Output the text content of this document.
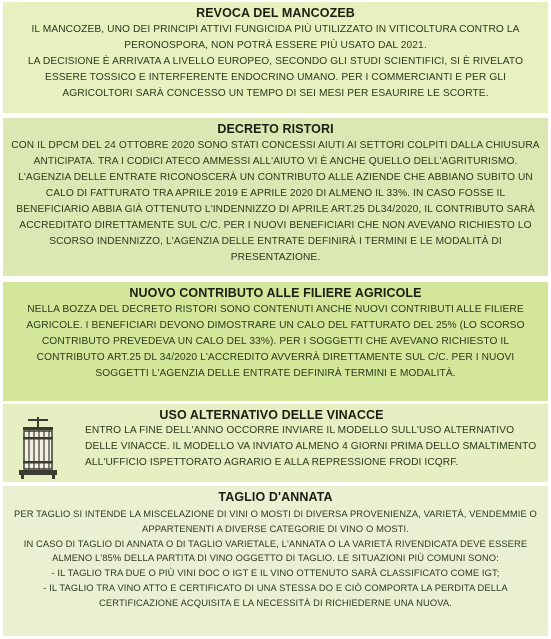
REVOCA DEL MANCOZEB

IL MANCOZEB, UNO DEI PRINCIPI ATTIVI FUNGICIDA PIÙ UTILIZZATO IN VITICOLTURA CONTRO LA PERONOSPORA, NON POTRÀ ESSERE PIÙ USATO DAL 2021.

LA DECISIONE È ARRIVATA A LIVELLO EUROPEO, SECONDO GLI STUDI SCIENTIFICI, SI È RIVELATO ESSERE TOSSICO E INTERFERENTE ENDOCRINO UMANO. PER I COMMERCIANTI E PER GLI AGRICOLTORI SARÀ CONCESSO UN TEMPO DI SEI MESI PER ESAURIRE LE SCORTE.

DECRETO RISTORI

CON IL DPCM DEL 24 OTTOBRE 2020 SONO STATI CONCESSI AIUTI AI SETTORI COLPITI DALLA CHIUSURA ANTICIPATA. TRA I CODICI ATECO AMMESSI ALL'AIUTO VI È ANCHE QUELLO DELL'AGRITURISMO.

L'AGENZIA DELLE ENTRATE RICONOSCERÀ UN CONTRIBUTO ALLE AZIENDE CHE ABBIANO SUBITO UN CALO DI FATTURATO TRA APRILE 2019 E APRILE 2020 DI ALMENO IL 33%. IN CASO FOSSE IL BENEFICIARIO ABBIA GIÀ OTTENUTO L'INDENNIZZO DI APRILE ART.25 DL34/2020, IL CONTRIBUTO SARÀ ACCREDITATO DIRETTAMENTE SUL C/C. PER I NUOVI BENEFICIARI CHE NON AVEVANO RICHIESTO LO SCORSO INDENNIZZO, L'AGENZIA DELLE ENTRATE DEFINIRÀ I TERMINI E LE MODALITÀ DI PRESENTAZIONE.

NUOVO CONTRIBUTO ALLE FILIERE AGRICOLE

NELLA BOZZA DEL DECRETO RISTORI SONO CONTENUTI ANCHE NUOVI CONTRIBUTI ALLE FILIERE AGRICOLE. I BENEFICIARI DEVONO DIMOSTRARE UN CALO DEL FATTURATO DEL 25% (LO SCORSO CONTRIBUTO PREVEDEVA UN CALO DEL 33%). PER I SOGGETTI CHE AVEVANO RICHIESTO IL CONTRIBUTO ART.25 DL 34/2020 L'ACCREDITO AVVERRÀ DIRETTAMENTE SUL C/C. PER I NUOVI SOGGETTI L'AGENZIA DELLE ENTRATE DEFINIRÀ TERMINI E MODALITÀ.

USO ALTERNATIVO DELLE VINACCE

ENTRO LA FINE DELL'ANNO OCCORRE INVIARE IL MODELLO SULL'USO ALTERNATIVO DELLE VINACCE. IL MODELLO VA INVIATO ALMENO 4 GIORNI PRIMA DELLO SMALTIMENTO ALL'UFFICIO ISPETTORATO AGRARIO E ALLA REPRESSIONE FRODI ICQRF.

TAGLIO D'ANNATA

PER TAGLIO SI INTENDE LA MISCELAZIONE DI VINI O MOSTI DI DIVERSA PROVENIENZA, VARIETÀ, VENDEMMIE O APPARTENENTI A DIVERSE CATEGORIE DI VINO O MOSTI.

IN CASO DI TAGLIO DI ANNATA O DI TAGLIO VARIETALE, L'ANNATA O LA VARIETÀ RIVENDICATA DEVE ESSERE ALMENO L'85% DELLA PARTITA DI VINO OGGETTO DI TAGLIO. LE SITUAZIONI PIÙ COMUNI SONO:

- IL TAGLIO TRA DUE O PIÙ VINI DOC O IGT E IL VINO OTTENUTO SARÀ CLASSIFICATO COME IGT;

- IL TAGLIO TRA VINO ATTO E CERTIFICATO DI UNA STESSA DO E CIÒ COMPORTA LA PERDITA DELLA CERTIFICAZIONE ACQUISITA E LA NECESSITÀ DI RICHIEDERNE UNA NUOVA.
